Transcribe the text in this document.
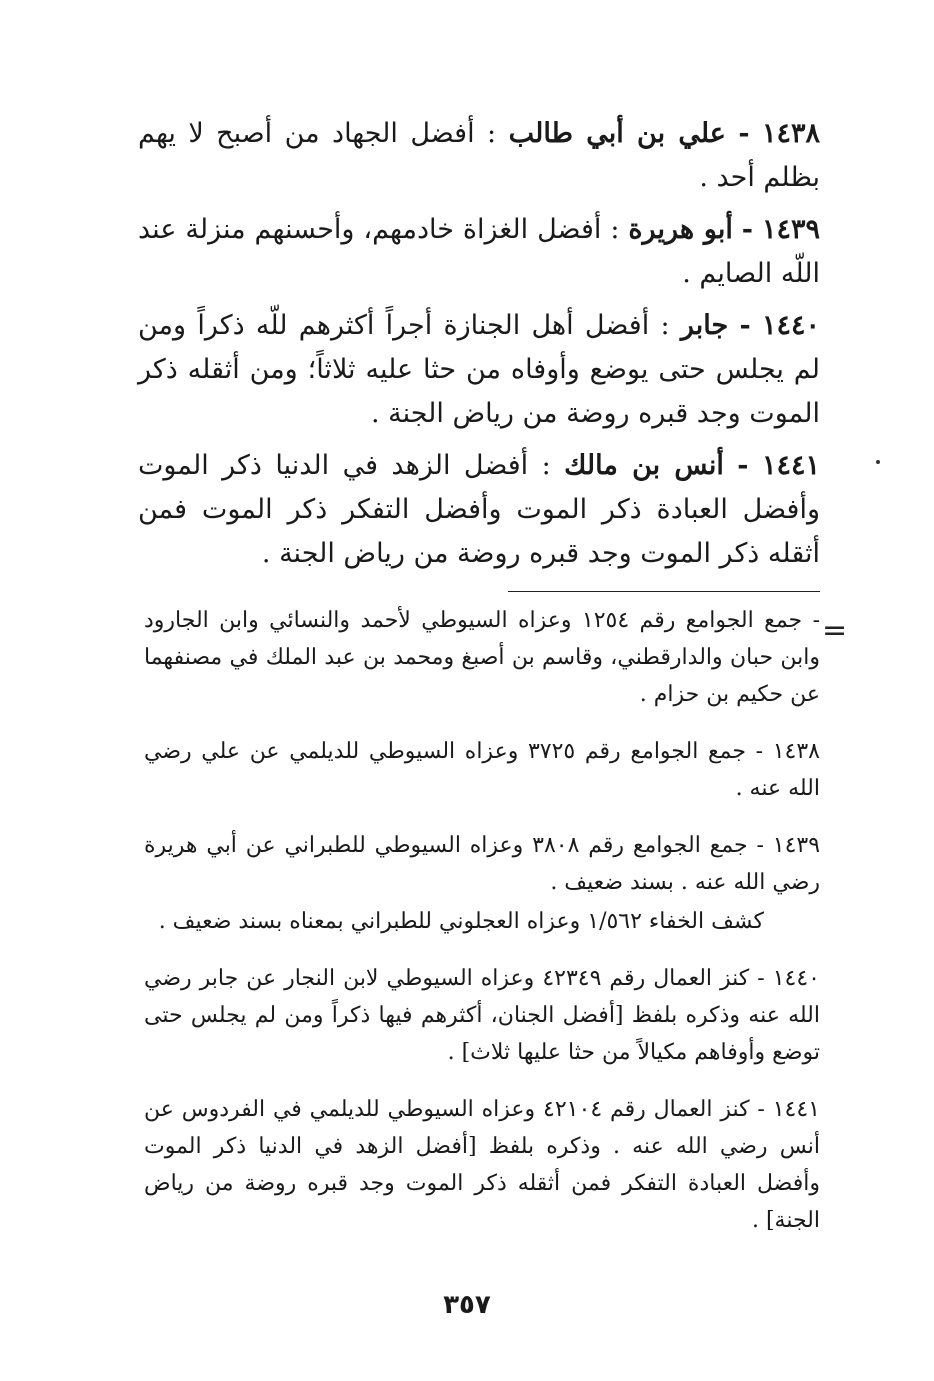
١٤٣٨ - علي بن أبي طالب : أفضل الجهاد من أصبح لا يهم بظلم أحد .

١٤٣٩ - أبو هريرة : أفضل الغزاة خادمهم، وأحسنهم منزلة عند اللّه الصايم .

١٤٤٠ - جابر : أفضل أهل الجنازة أجراً أكثرهم للّه ذكراً ومن لم يجلس حتى يوضع وأوفاه من حثا عليه ثلاثاً؛ ومن أثقله ذكر الموت وجد قبره روضة من رياض الجنة .

١٤٤١ - أنس بن مالك : أفضل الزهد في الدنيا ذكر الموت وأفضل العبادة ذكر الموت وأفضل التفكر ذكر الموت فمن أثقله ذكر الموت وجد قبره روضة من رياض الجنة .

=

- جمع الجوامع رقم ١٢٥٤ وعزاه السيوطي لأحمد والنسائي وابن الجارود وابن حبان والدارقطني، وقاسم بن أصبغ ومحمد بن عبد الملك في مصنفهما عن حكيم بن حزام .

١٤٣٨ - جمع الجوامع رقم ٣٧٢٥ وعزاه السيوطي للديلمي عن علي رضي الله عنه .

١٤٣٩ - جمع الجوامع رقم ٣٨٠٨ وعزاه السيوطي للطبراني عن أبي هريرة رضي الله عنه . بسند ضعيف .

كشف الخفاء ١/٥٦٢ وعزاه العجلوني للطبراني بمعناه بسند ضعيف .

١٤٤٠ - كنز العمال رقم ٤٢٣٤٩ وعزاه السيوطي لابن النجار عن جابر رضي الله عنه وذكره بلفظ [أفضل الجنان، أكثرهم فيها ذكراً ومن لم يجلس حتى توضع وأوفاهم مكيالاً من حثا عليها ثلاث] .

١٤٤١ - كنز العمال رقم ٤٢١٠٤ وعزاه السيوطي للديلمي في الفردوس عن أنس رضي الله عنه . وذكره بلفظ [أفضل الزهد في الدنيا ذكر الموت وأفضل العبادة التفكر فمن أثقله ذكر الموت وجد قبره روضة من رياض الجنة] .

٣٥٧
